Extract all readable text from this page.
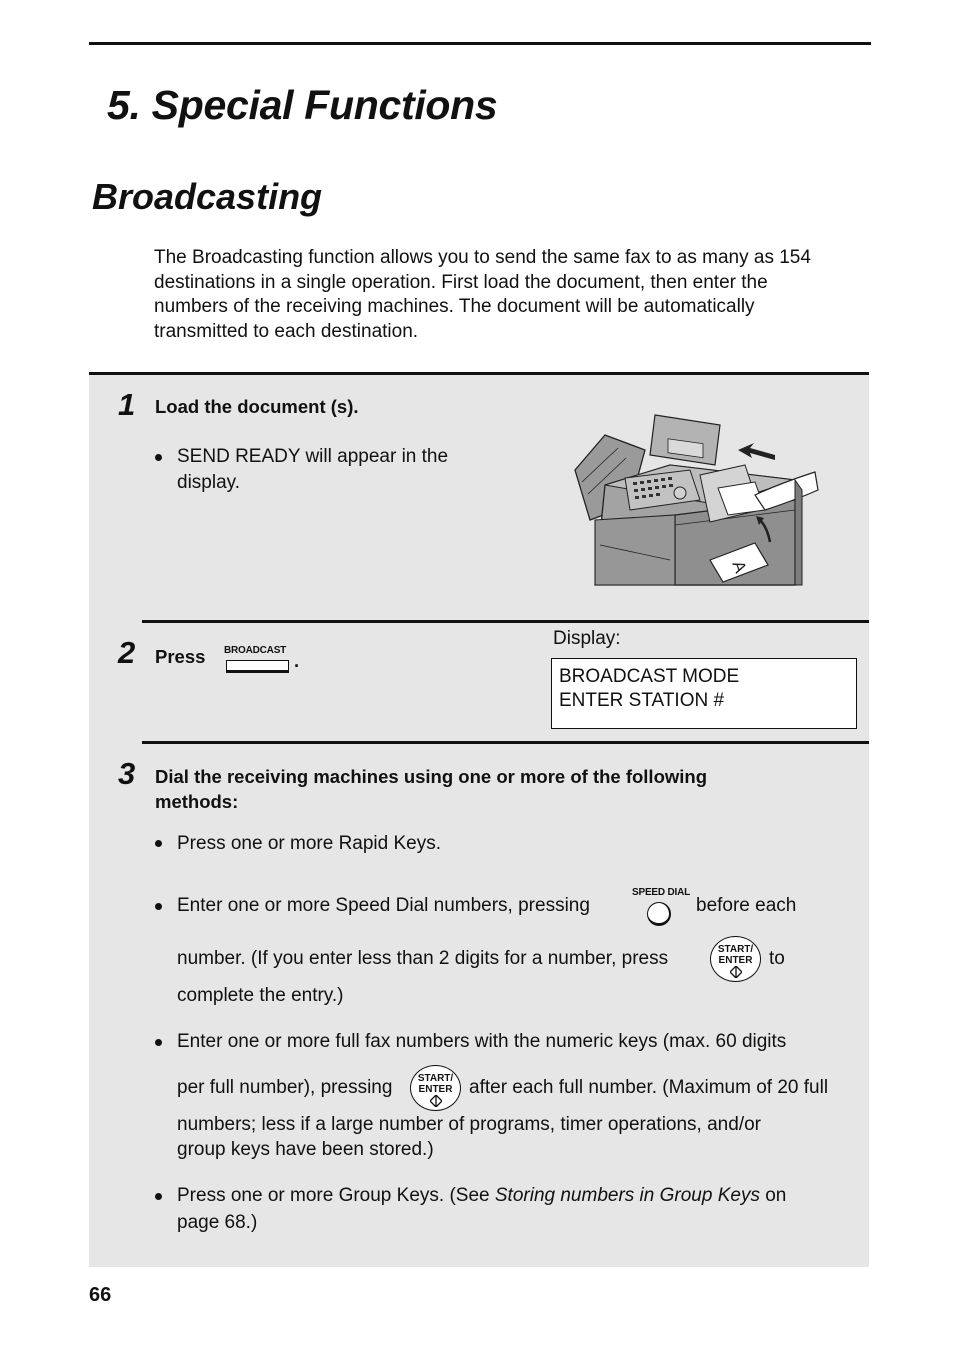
5. Special Functions
Broadcasting
The Broadcasting function allows you to send the same fax to as many as 154
destinations in a single operation. First load the document, then enter the
numbers of the receiving machines. The document will be automatically
transmitted to each destination.
1 Load the document (s).
SEND READY will appear in the
display.
A
2 Press BROADCAST .
Display:
BROADCAST MODE
ENTER STATION #
3 Dial the receiving machines using one or more of the following
methods:
Press one or more Rapid Keys.
Enter one or more Speed Dial numbers, pressing
SPEED DIAL
before each
number. (If you enter less than 2 digits for a number, press	START/
ENTER to
complete the entry.)
Enter one or more full fax numbers with the numeric keys (max. 60 digits
per full number), pressing	START/
ENTER after each full number. (Maximum of 20 full
numbers; less if a large number of programs, timer operations, and/or
group keys have been stored.)
Press one or more Group Keys. (See Storing numbers in Group Keys on
page 68.)
66
